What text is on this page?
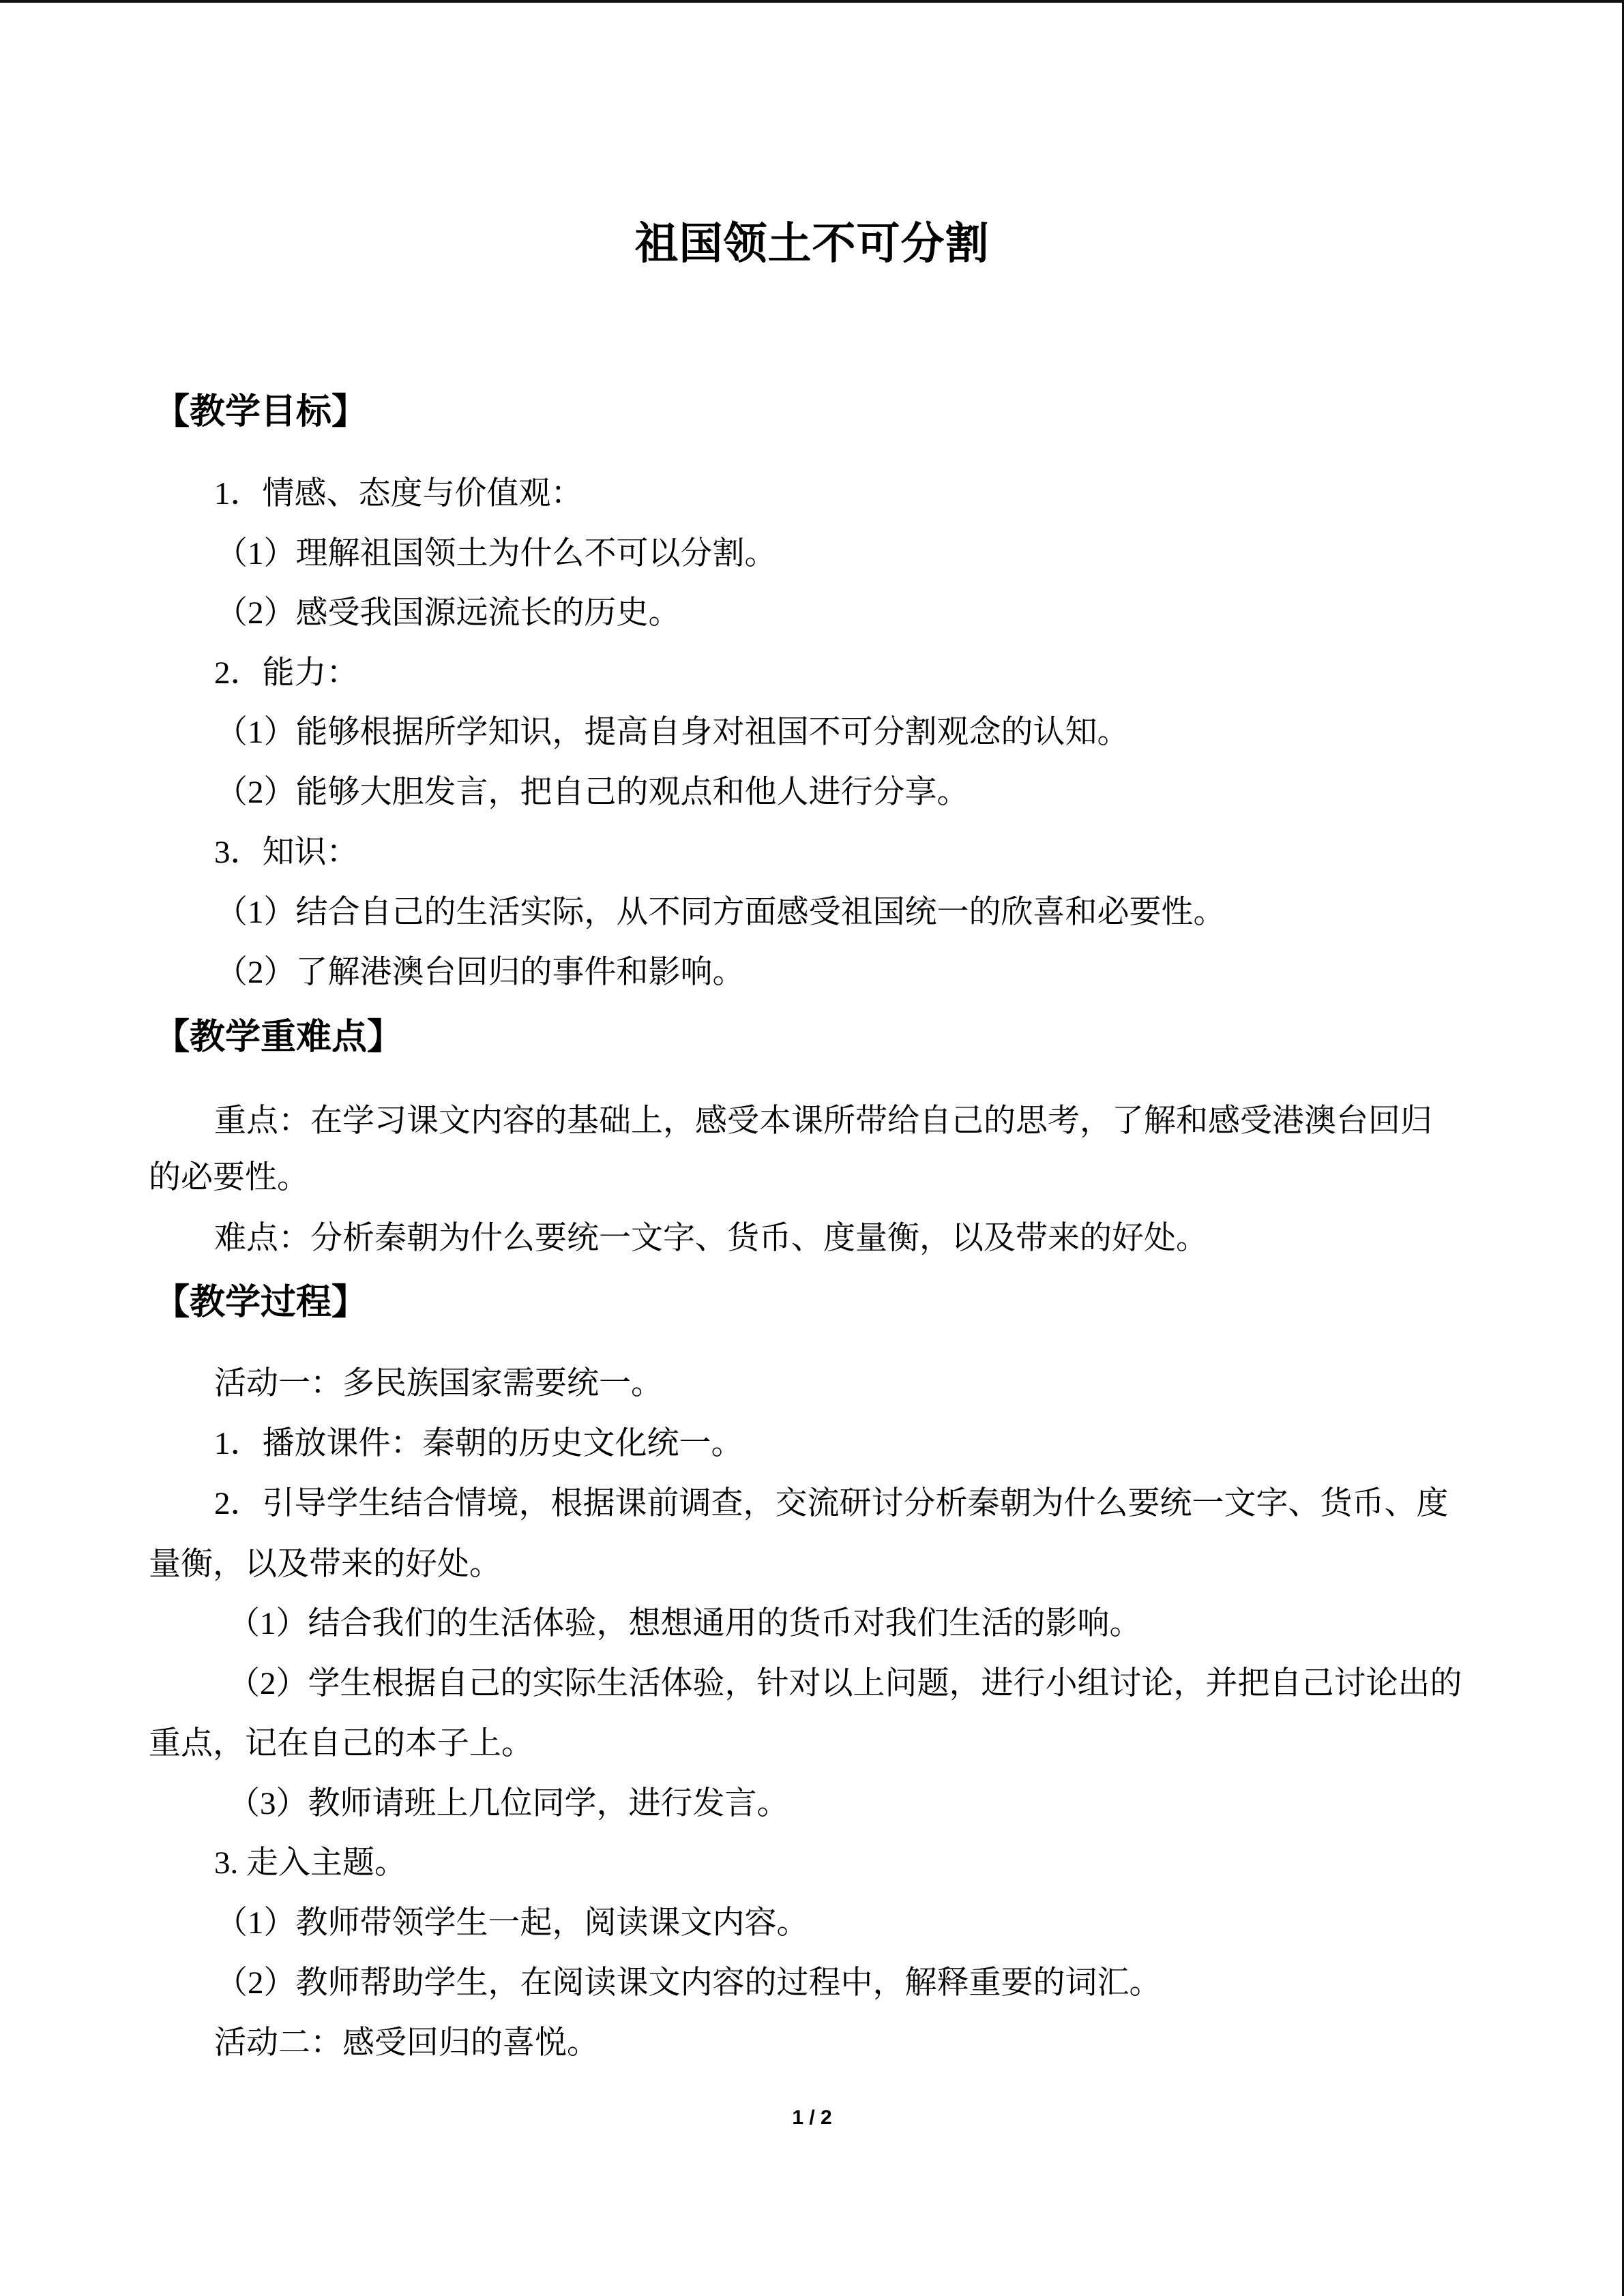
祖国领土不可分割
【教学目标】
1．情感、态度与价值观：
（1）理解祖国领土为什么不可以分割。
（2）感受我国源远流长的历史。
2．能力：
（1）能够根据所学知识，提高自身对祖国不可分割观念的认知。
（2）能够大胆发言，把自己的观点和他人进行分享。
3．知识：
（1）结合自己的生活实际，从不同方面感受祖国统一的欣喜和必要性。
（2）了解港澳台回归的事件和影响。
【教学重难点】
重点：在学习课文内容的基础上，感受本课所带给自己的思考，了解和感受港澳台回归
的必要性。
难点：分析秦朝为什么要统一文字、货币、度量衡，以及带来的好处。
【教学过程】
活动一：多民族国家需要统一。
1．播放课件：秦朝的历史文化统一。
2．引导学生结合情境，根据课前调查，交流研讨分析秦朝为什么要统一文字、货币、度
量衡，以及带来的好处。
（1）结合我们的生活体验，想想通用的货币对我们生活的影响。
（2）学生根据自己的实际生活体验，针对以上问题，进行小组讨论，并把自己讨论出的
重点，记在自己的本子上。
（3）教师请班上几位同学，进行发言。
3. 走入主题。
（1）教师带领学生一起，阅读课文内容。
（2）教师帮助学生，在阅读课文内容的过程中，解释重要的词汇。
活动二：感受回归的喜悦。
1 / 2
